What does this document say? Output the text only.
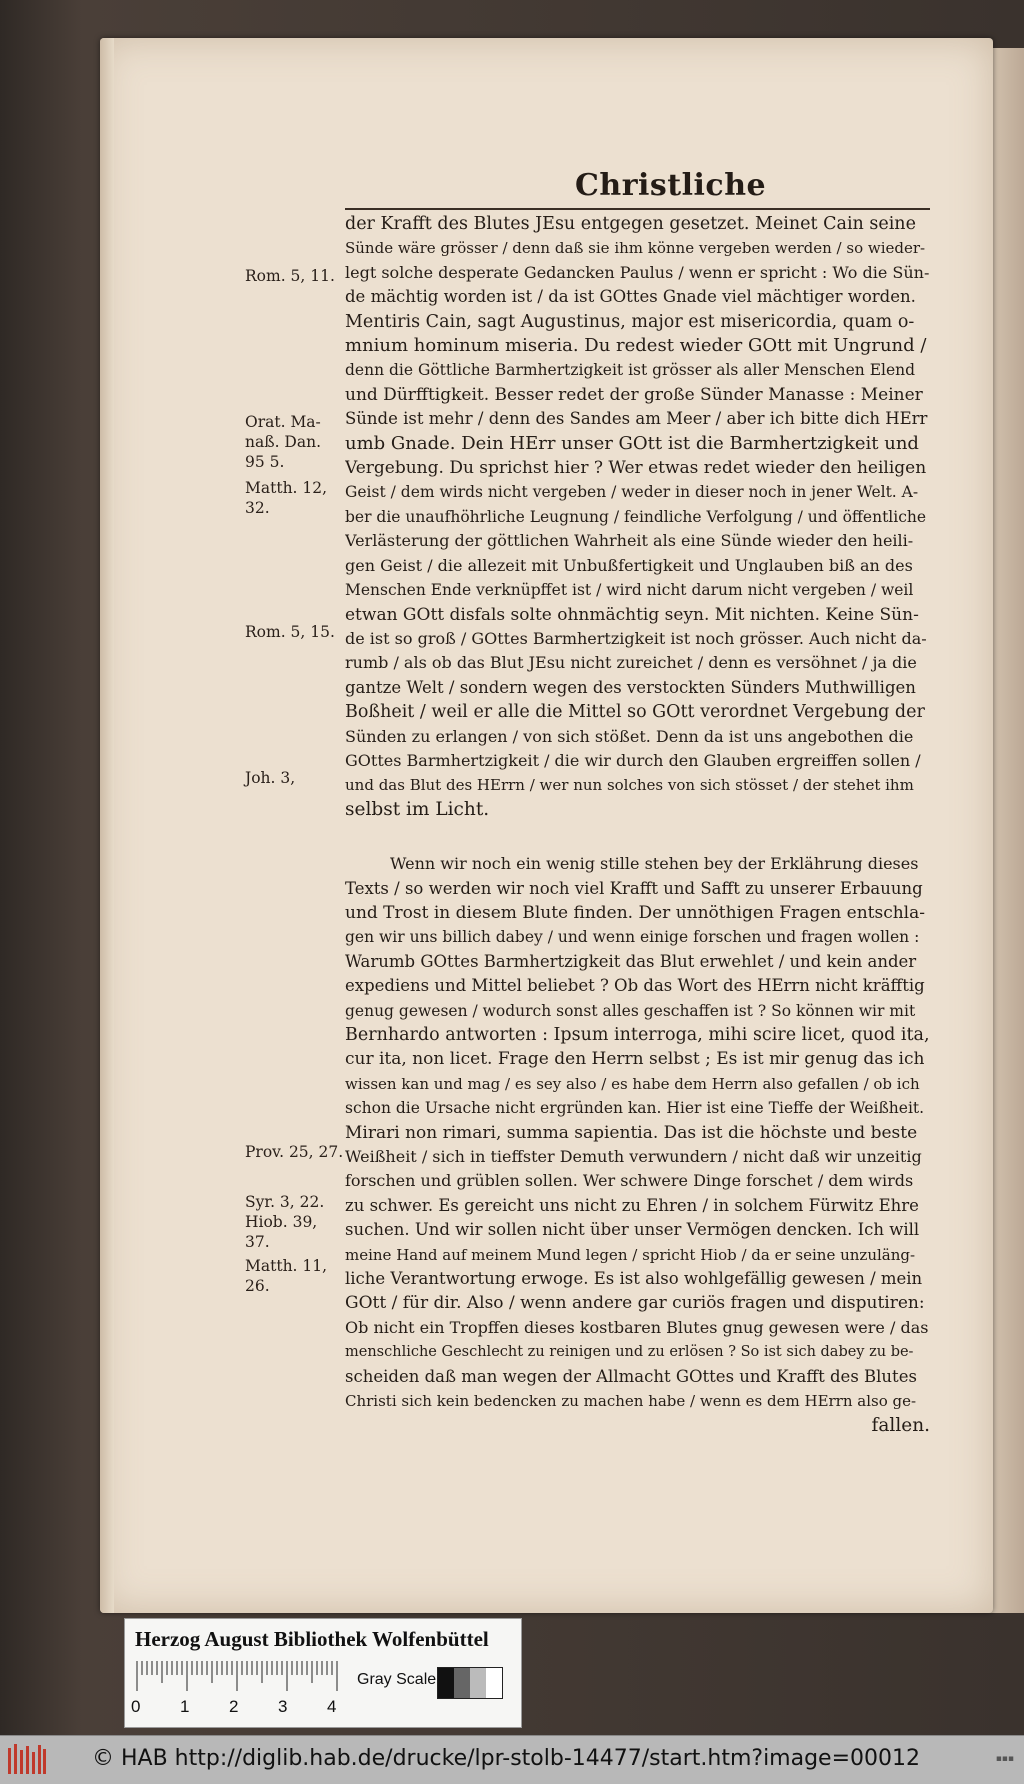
Christliche
der Krafft des Blutes JEsu entgegen gesetzet. Meinet Cain seine
Sünde wäre grösser / denn daß sie ihm könne vergeben werden / so wieder-
legt solche desperate Gedancken Paulus / wenn er spricht : Wo die Sün-
de mächtig worden ist / da ist GOttes Gnade viel mächtiger worden.
Mentiris Cain, sagt Augustinus, major est misericordia, quam o-
mnium hominum miseria. Du redest wieder GOtt mit Ungrund /
denn die Göttliche Barmhertzigkeit ist grösser als aller Menschen Elend
und Dürfftigkeit. Besser redet der große Sünder Manasse : Meiner
Sünde ist mehr / denn des Sandes am Meer / aber ich bitte dich HErr
umb Gnade. Dein HErr unser GOtt ist die Barmhertzigkeit und
Vergebung. Du sprichst hier ? Wer etwas redet wieder den heiligen
Geist / dem wirds nicht vergeben / weder in dieser noch in jener Welt. A-
ber die unaufhöhrliche Leugnung / feindliche Verfolgung / und öffentliche
Verlästerung der göttlichen Wahrheit als eine Sünde wieder den heili-
gen Geist / die allezeit mit Unbußfertigkeit und Unglauben biß an des
Menschen Ende verknüpffet ist / wird nicht darum nicht vergeben / weil
etwan GOtt disfals solte ohnmächtig seyn. Mit nichten. Keine Sün-
de ist so groß / GOttes Barmhertzigkeit ist noch grösser. Auch nicht da-
rumb / als ob das Blut JEsu nicht zureichet / denn es versöhnet / ja die
gantze Welt / sondern wegen des verstockten Sünders Muthwilligen
Boßheit / weil er alle die Mittel so GOtt verordnet Vergebung der
Sünden zu erlangen / von sich stößet. Denn da ist uns angebothen die
GOttes Barmhertzigkeit / die wir durch den Glauben ergreiffen sollen /
und das Blut des HErrn / wer nun solches von sich stösset / der stehet ihm
selbst im Licht.
Wenn wir noch ein wenig stille stehen bey der Erklährung dieses
Texts / so werden wir noch viel Krafft und Safft zu unserer Erbauung
und Trost in diesem Blute finden. Der unnöthigen Fragen entschla-
gen wir uns billich dabey / und wenn einige forschen und fragen wollen :
Warumb GOttes Barmhertzigkeit das Blut erwehlet / und kein ander
expediens und Mittel beliebet ? Ob das Wort des HErrn nicht kräfftig
genug gewesen / wodurch sonst alles geschaffen ist ? So können wir mit
Bernhardo antworten : Ipsum interroga, mihi scire licet, quod ita,
cur ita, non licet. Frage den Herrn selbst ; Es ist mir genug das ich
wissen kan und mag / es sey also / es habe dem Herrn also gefallen / ob ich
schon die Ursache nicht ergründen kan. Hier ist eine Tieffe der Weißheit.
Mirari non rimari, summa sapientia. Das ist die höchste und beste
Weißheit / sich in tieffster Demuth verwundern / nicht daß wir unzeitig
forschen und grüblen sollen. Wer schwere Dinge forschet / dem wirds
zu schwer. Es gereicht uns nicht zu Ehren / in solchem Fürwitz Ehre
suchen. Und wir sollen nicht über unser Vermögen dencken. Ich will
meine Hand auf meinem Mund legen / spricht Hiob / da er seine unzuläng-
liche Verantwortung erwoge. Es ist also wohlgefällig gewesen / mein
GOtt / für dir. Also / wenn andere gar curiös fragen und disputiren:
Ob nicht ein Tropffen dieses kostbaren Blutes gnug gewesen were / das
menschliche Geschlecht zu reinigen und zu erlösen ? So ist sich dabey zu be-
scheiden daß man wegen der Allmacht GOttes und Krafft des Blutes
Christi sich kein bedencken zu machen habe / wenn es dem HErrn also ge-
fallen.
Rom. 5, 11.
Orat. Ma- naß. Dan. 95 5.
Matth. 12, 32.
Rom. 5, 15.
Joh. 3,
Prov. 25, 27.
Syr. 3, 22. Hiob. 39, 37.
Matth. 11, 26.
Herzog August Bibliothek Wolfenbüttel
0 1 2 3 4
Gray Scale
© HAB http://diglib.hab.de/drucke/lpr-stolb-14477/start.htm?image=00012	▪▪▪
